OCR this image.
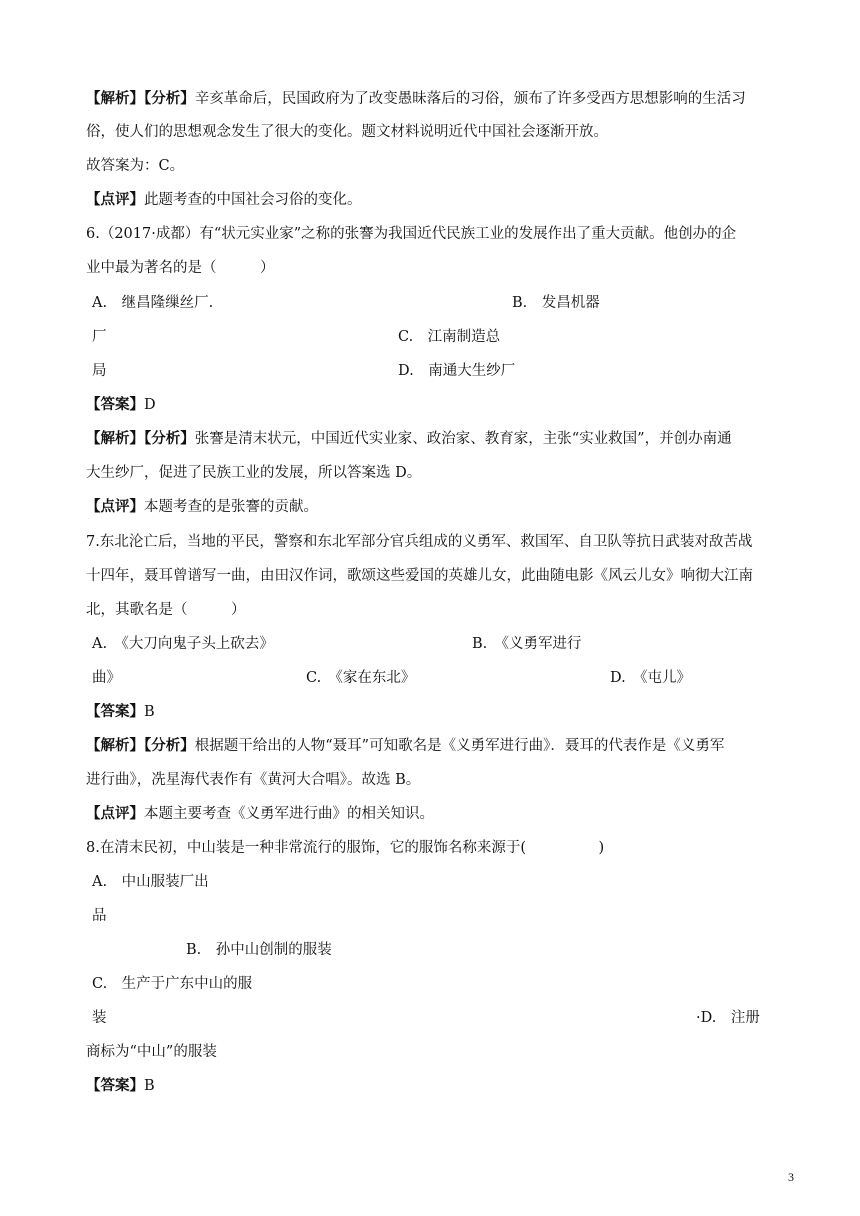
【解析】【分析】辛亥革命后，民国政府为了改变愚昧落后的习俗，颁布了许多受西方思想影响的生活习
俗，使人们的思想观念发生了很大的变化。题文材料说明近代中国社会逐渐开放。
故答案为：C。
【点评】此题考查的中国社会习俗的变化。
6.（2017·成都）有“状元实业家”之称的张謇为我国近代民族工业的发展作出了重大贡献。他创办的企
业中最为著名的是（　　　）
A.　继昌隆缫丝厂.	B.　发昌机器
厂	C.　江南制造总
局	D.　南通大生纱厂
【答案】D
【解析】【分析】张謇是清末状元，中国近代实业家、政治家、教育家，主张“实业救国”，并创办南通
大生纱厂，促进了民族工业的发展，所以答案选 D。
【点评】本题考查的是张謇的贡献。
7.东北沦亡后，当地的平民，警察和东北军部分官兵组成的义勇军、救国军、自卫队等抗日武装对敌苦战
十四年，聂耳曾谱写一曲，由田汉作词，歌颂这些爱国的英雄儿女，此曲随电影《风云儿女》响彻大江南
北，其歌名是（　　　）
A.　《大刀向鬼子头上砍去》	B.　《义勇军进行
曲》	C.　《家在东北》	D.　《屯儿》
【答案】B
【解析】【分析】根据题干给出的人物“聂耳”可知歌名是《义勇军进行曲》．聂耳的代表作是《义勇军
进行曲》，冼星海代表作有《黄河大合唱》。故选 B。
【点评】本题主要考查《义勇军进行曲》的相关知识。
8.在清末民初，中山装是一种非常流行的服饰，它的服饰名称来源于(　　　　　)
A.　中山服装厂出
品
B.　孙中山创制的服装
C.　生产于广东中山的服
装	·D.　注册
商标为“中山”的服装
【答案】B
3
